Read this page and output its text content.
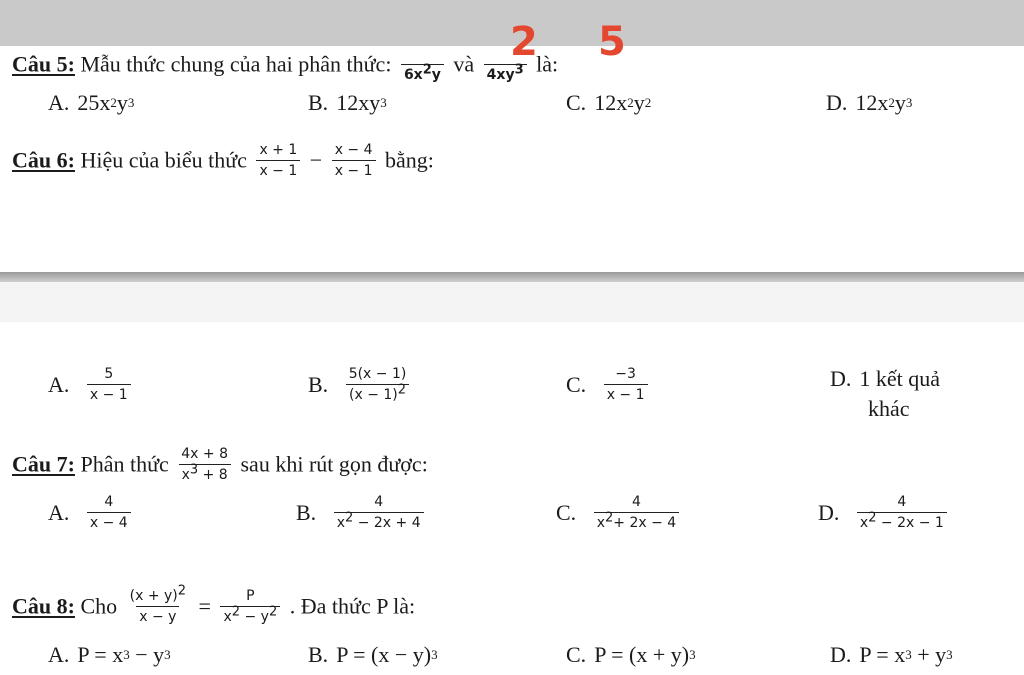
Câu 5: Mẫu thức chung của hai phân thức: $6x^2y$ và $4xy^3$ là:
2 5
A. 25x2y3	B. 12xy3	C. 12x2y2	D. 12x2y3
Câu 6: Hiệu của biểu thức $\frac{x + 1}{x - 1} - \frac{x - 4}{x - 1}$ bằng:
A. $\frac{5}{x - 1}$	B. $\frac{5(x - 1)}{(x - 1)^2}$	C. $\frac{-3}{x - 1}$	D. 1 kết quả
khác
Câu 7: Phân thức $\frac{4x + 8}{x^3 + 8}$ sau khi rút gọn được:
A. $\frac{4}{x - 4}$	B. $\frac{4}{x^2 - 2x + 4}$	C. $\frac{4}{x^2+ 2x - 4}$	D. $\frac{4}{x^2 - 2x - 1}$
Câu 8: Cho $\frac{(x + y)^2}{x - y} = \frac{P}{x^2 - y^2}$ . Đa thức P là:
A. P = x3 − y3	B. P = (x − y)3	C. P = (x + y)3	D. P = x3 + y3
